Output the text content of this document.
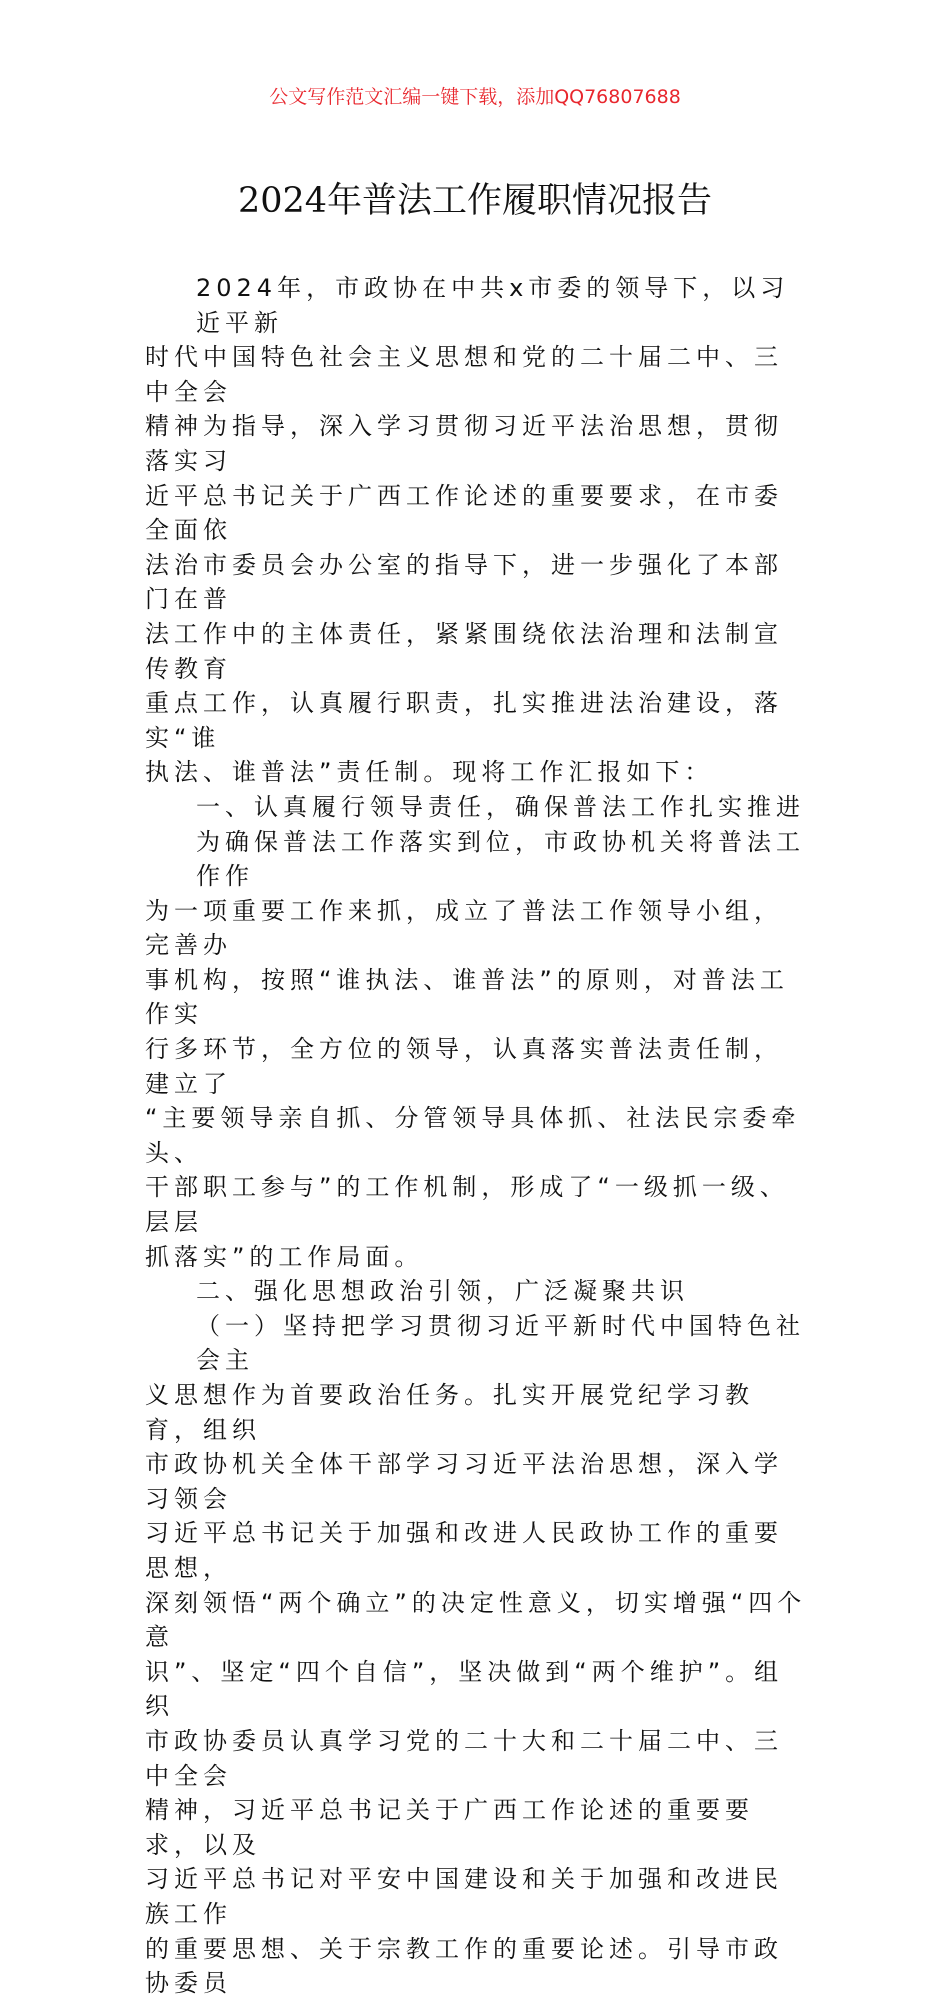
公文写作范文汇编一键下载，添加QQ76807688
2024年普法工作履职情况报告
2024年，市政协在中共x市委的领导下，以习近平新
时代中国特色社会主义思想和党的二十届二中、三中全会
精神为指导，深入学习贯彻习近平法治思想，贯彻落实习
近平总书记关于广西工作论述的重要要求，在市委全面依
法治市委员会办公室的指导下，进一步强化了本部门在普
法工作中的主体责任，紧紧围绕依法治理和法制宣传教育
重点工作，认真履行职责，扎实推进法治建设，落实“谁
执法、谁普法”责任制。现将工作汇报如下：
一、认真履行领导责任，确保普法工作扎实推进
为确保普法工作落实到位，市政协机关将普法工作作
为一项重要工作来抓，成立了普法工作领导小组，完善办
事机构，按照“谁执法、谁普法”的原则，对普法工作实
行多环节，全方位的领导，认真落实普法责任制，建立了
“主要领导亲自抓、分管领导具体抓、社法民宗委牵头、
干部职工参与”的工作机制，形成了“一级抓一级、层层
抓落实”的工作局面。
二、强化思想政治引领，广泛凝聚共识
（一）坚持把学习贯彻习近平新时代中国特色社会主
义思想作为首要政治任务。扎实开展党纪学习教育，组织
市政协机关全体干部学习习近平法治思想，深入学习领会
习近平总书记关于加强和改进人民政协工作的重要思想，
深刻领悟“两个确立”的决定性意义，切实增强“四个意
识”、坚定“四个自信”，坚决做到“两个维护”。组织
市政协委员认真学习党的二十大和二十届二中、三中全会
精神，习近平总书记关于广西工作论述的重要要求，以及
习近平总书记对平安中国建设和关于加强和改进民族工作
的重要思想、关于宗教工作的重要论述。引导市政协委员
